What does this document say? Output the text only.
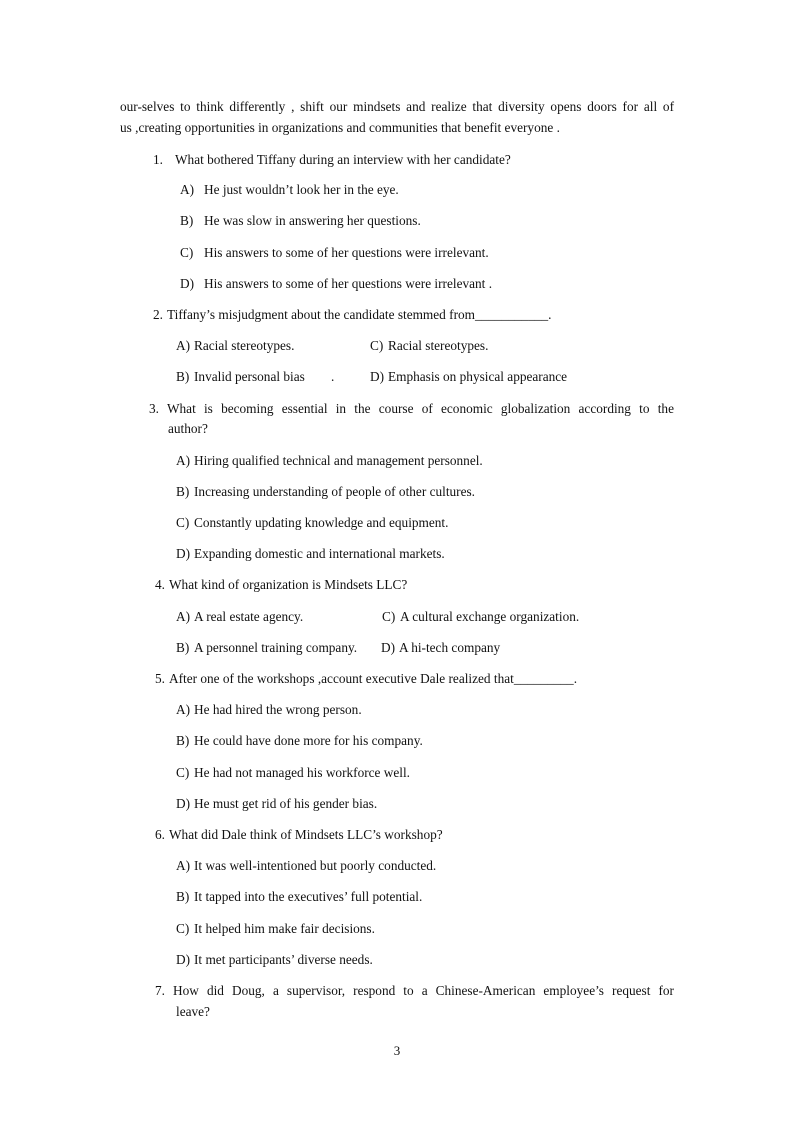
our-selves to think differently , shift our mindsets and realize that diversity opens doors for all of
us ,creating opportunities in organizations and communities that benefit everyone .
1. What bothered Tiffany during an interview with her candidate?
A) He just wouldn’t look her in the eye.
B) He was slow in answering her questions.
C) His answers to some of her questions were irrelevant.
D) His answers to some of her questions were irrelevant .
2. Tiffany’s misjudgment about the candidate stemmed from___________.
A) Racial stereotypes.	C) Racial stereotypes.
B) Invalid personal bias .	D) Emphasis on physical appearance
3. What is becoming essential in the course of economic globalization according to the
author?
A) Hiring qualified technical and management personnel.
B) Increasing understanding of people of other cultures.
C) Constantly updating knowledge and equipment.
D) Expanding domestic and international markets.
4. What kind of organization is Mindsets LLC?
A) A real estate agency.	C) A cultural exchange organization.
B) A personnel training company. D) A hi-tech company
5. After one of the workshops ,account executive Dale realized that_________.
A) He had hired the wrong person.
B) He could have done more for his company.
C) He had not managed his workforce well.
D) He must get rid of his gender bias.
6. What did Dale think of Mindsets LLC’s workshop?
A) It was well-intentioned but poorly conducted.
B) It tapped into the executives’ full potential.
C) It helped him make fair decisions.
D) It met participants’ diverse needs.
7. How did Doug, a supervisor, respond to a Chinese-American employee’s request for
leave?
3
